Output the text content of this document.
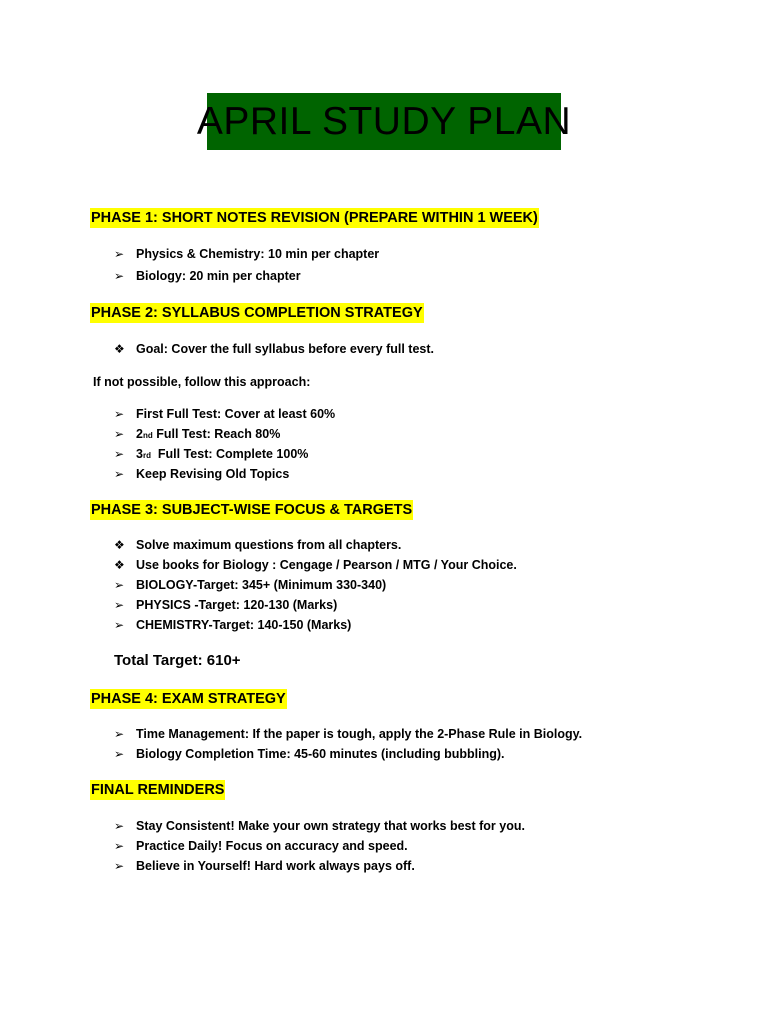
APRIL STUDY PLAN
PHASE 1: SHORT NOTES REVISION (PREPARE WITHIN 1 WEEK)
➢ Physics & Chemistry: 10 min per chapter
➢ Biology: 20 min per chapter
PHASE 2: SYLLABUS COMPLETION STRATEGY
❖ Goal: Cover the full syllabus before every full test.
If not possible, follow this approach:
➢ First Full Test: Cover at least 60%
➢ 2 nd Full Test: Reach 80%
➢ 3 rd Full Test: Complete 100%
➢ Keep Revising Old Topics
PHASE 3: SUBJECT-WISE FOCUS & TARGETS
❖ Solve maximum questions from all chapters.
❖ Use books for Biology : Cengage / Pearson / MTG / Your Choice.
➢ BIOLOGY-Target: 345+ (Minimum 330-340)
➢ PHYSICS -Target: 120-130 (Marks)
➢ CHEMISTRY-Target: 140-150 (Marks)
Total Target: 610+
PHASE 4: EXAM STRATEGY
➢ Time Management: If the paper is tough, apply the 2-Phase Rule in Biology.
➢ Biology Completion Time: 45-60 minutes (including bubbling).
FINAL REMINDERS
➢ Stay Consistent! Make your own strategy that works best for you.
➢ Practice Daily! Focus on accuracy and speed.
➢ Believe in Yourself! Hard work always pays off.
